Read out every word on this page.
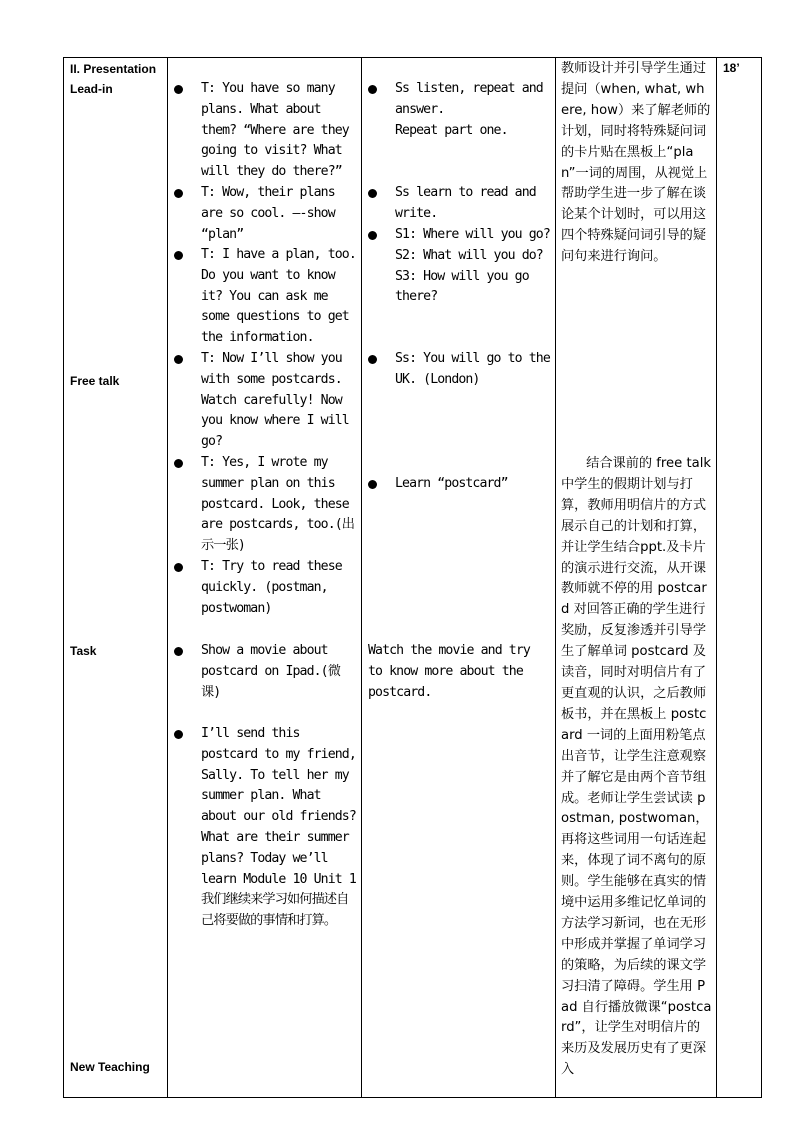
II. Presentation
Lead-in
Free talk
Task
New Teaching

T: You have so many plans. What about them? “Where are they going to visit? What will they do there?”
T: Wow, their plans are so cool. —-show “plan”
T: I have a plan, too. Do you want to know it? You can ask me some questions to get the information.
T: Now I’ll show you with some postcards. Watch carefully! Now you know where I will go?
T: Yes, I wrote my summer plan on this postcard. Look, these are postcards, too.(出示一张)
T: Try to read these quickly. (postman, postwoman)
Show a movie about postcard on Ipad.(微课)
I’ll send this postcard to my friend, Sally. To tell her my summer plan. What about our old friends? What are their summer plans? Today we’ll learn Module 10 Unit 1 我们继续来学习如何描述自己将要做的事情和打算。

Ss listen, repeat and answer.
Repeat part one.
Ss learn to read and write.
S1: Where will you go?
S2: What will you do?
S3: How will you go there?
Ss: You will go to the UK. (London)
Learn “postcard”
Watch the movie and try to know more about the postcard.

教师设计并引导学生通过提问（when, what, where, how）来了解老师的计划，同时将特殊疑问词的卡片贴在黑板上“plan”一词的周围，从视觉上帮助学生进一步了解在谈论某个计划时，可以用这四个特殊疑问词引导的疑问句来进行询问。
结合课前的 free talk 中学生的假期计划与打算，教师用明信片的方式展示自己的计划和打算，并让学生结合ppt.及卡片的演示进行交流，从开课教师就不停的用 postcard 对回答正确的学生进行奖励，反复渗透并引导学生了解单词 postcard 及读音，同时对明信片有了更直观的认识，之后教师板书，并在黑板上 postcard 一词的上面用粉笔点出音节，让学生注意观察并了解它是由两个音节组成。老师让学生尝试读 postman, postwoman，再将这些词用一句话连起来，体现了词不离句的原则。学生能够在真实的情境中运用多维记忆单词的方法学习新词，也在无形中形成并掌握了单词学习的策略，为后续的课文学习扫清了障碍。学生用 Pad 自行播放微课“postcard”，让学生对明信片的来历及发展历史有了更深入

18’
